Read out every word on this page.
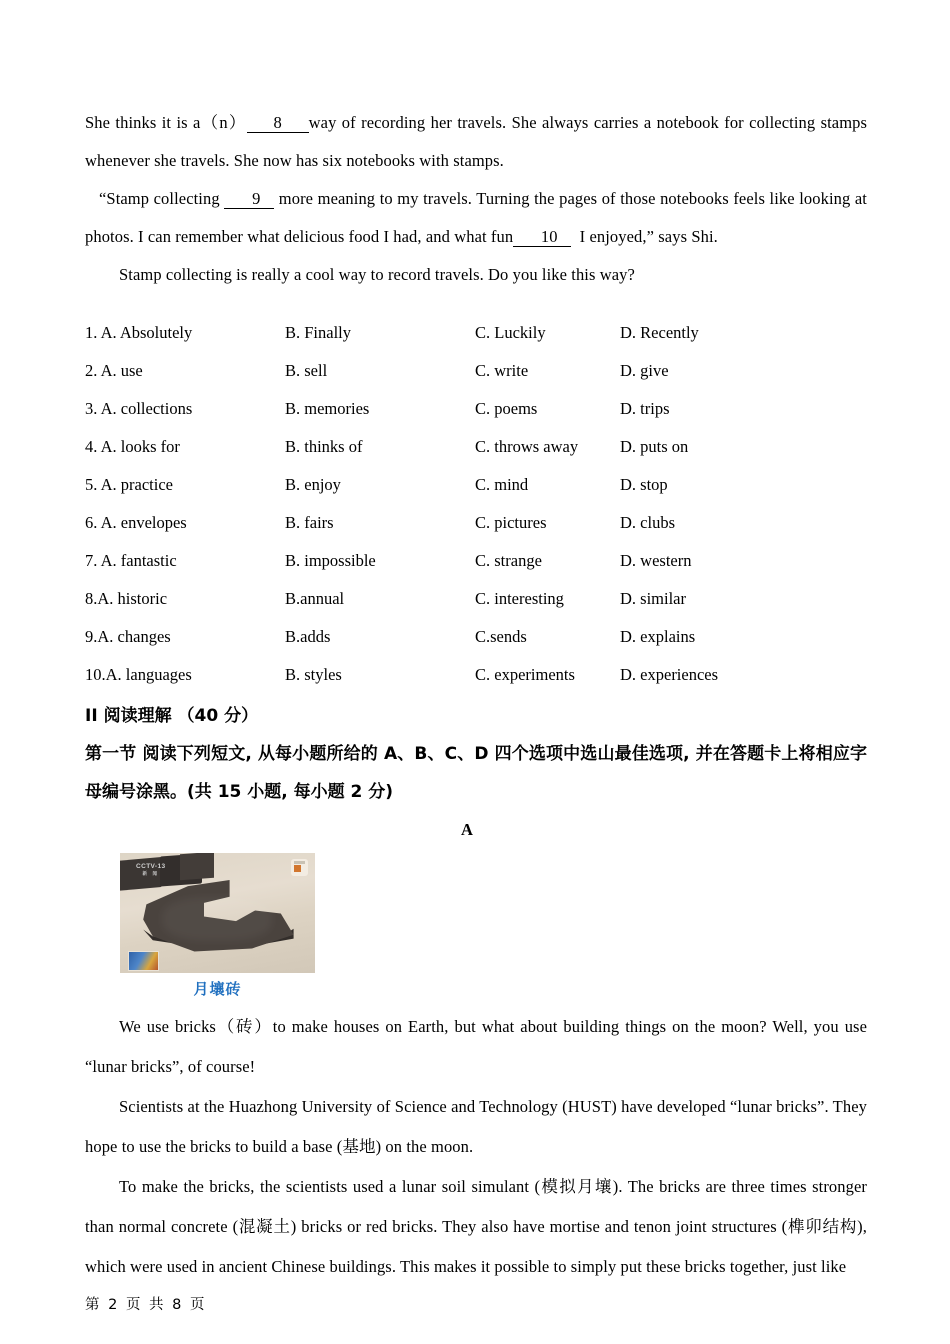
She thinks it is a（n） 8 way of recording her travels. She always carries a notebook for collecting stamps whenever she travels. She now has six notebooks with stamps.

“Stamp collecting 9 more meaning to my travels. Turning the pages of those notebooks feels like looking at photos. I can remember what delicious food I had, and what fun 10 I enjoyed,” says Shi.

Stamp collecting is really a cool way to record travels. Do you like this way?

1. A. Absolutely	B. Finally	C. Luckily	D. Recently
2. A. use	B. sell	C. write	D. give
3. A. collections	B. memories	C. poems	D. trips
4. A. looks for	B. thinks of	C. throws away	D. puts on
5. A. practice	B. enjoy	C. mind	D. stop
6. A. envelopes	B. fairs	C. pictures	D. clubs
7. A. fantastic	B. impossible	C. strange	D. western
8.A. historic	B.annual	C. interesting	D. similar
9.A. changes	B.adds	C.sends	D. explains
10.A. languages	B. styles	C. experiments	D. experiences

II 阅读理解 （40 分）

第一节 阅读下列短文, 从每小题所给的 A、B、C、D 四个选项中选山最佳选项, 并在答题卡上将相应字母编号涂黑。(共 15 小题, 每小题 2 分)

A

CCTV-13
新 闻
月壤砖

We use bricks（砖）to make houses on Earth, but what about building things on the moon? Well, you use “lunar bricks”, of course!

Scientists at the Huazhong University of Science and Technology (HUST) have developed “lunar bricks”. They hope to use the bricks to build a base (基地) on the moon.

To make the bricks, the scientists used a lunar soil simulant (模拟月壤). The bricks are three times stronger than normal concrete (混凝土) bricks or red bricks. They also have mortise and tenon joint structures (榫卯结构), which were used in ancient Chinese buildings. This makes it possible to simply put these bricks together, just like

第 2 页 共 8 页
